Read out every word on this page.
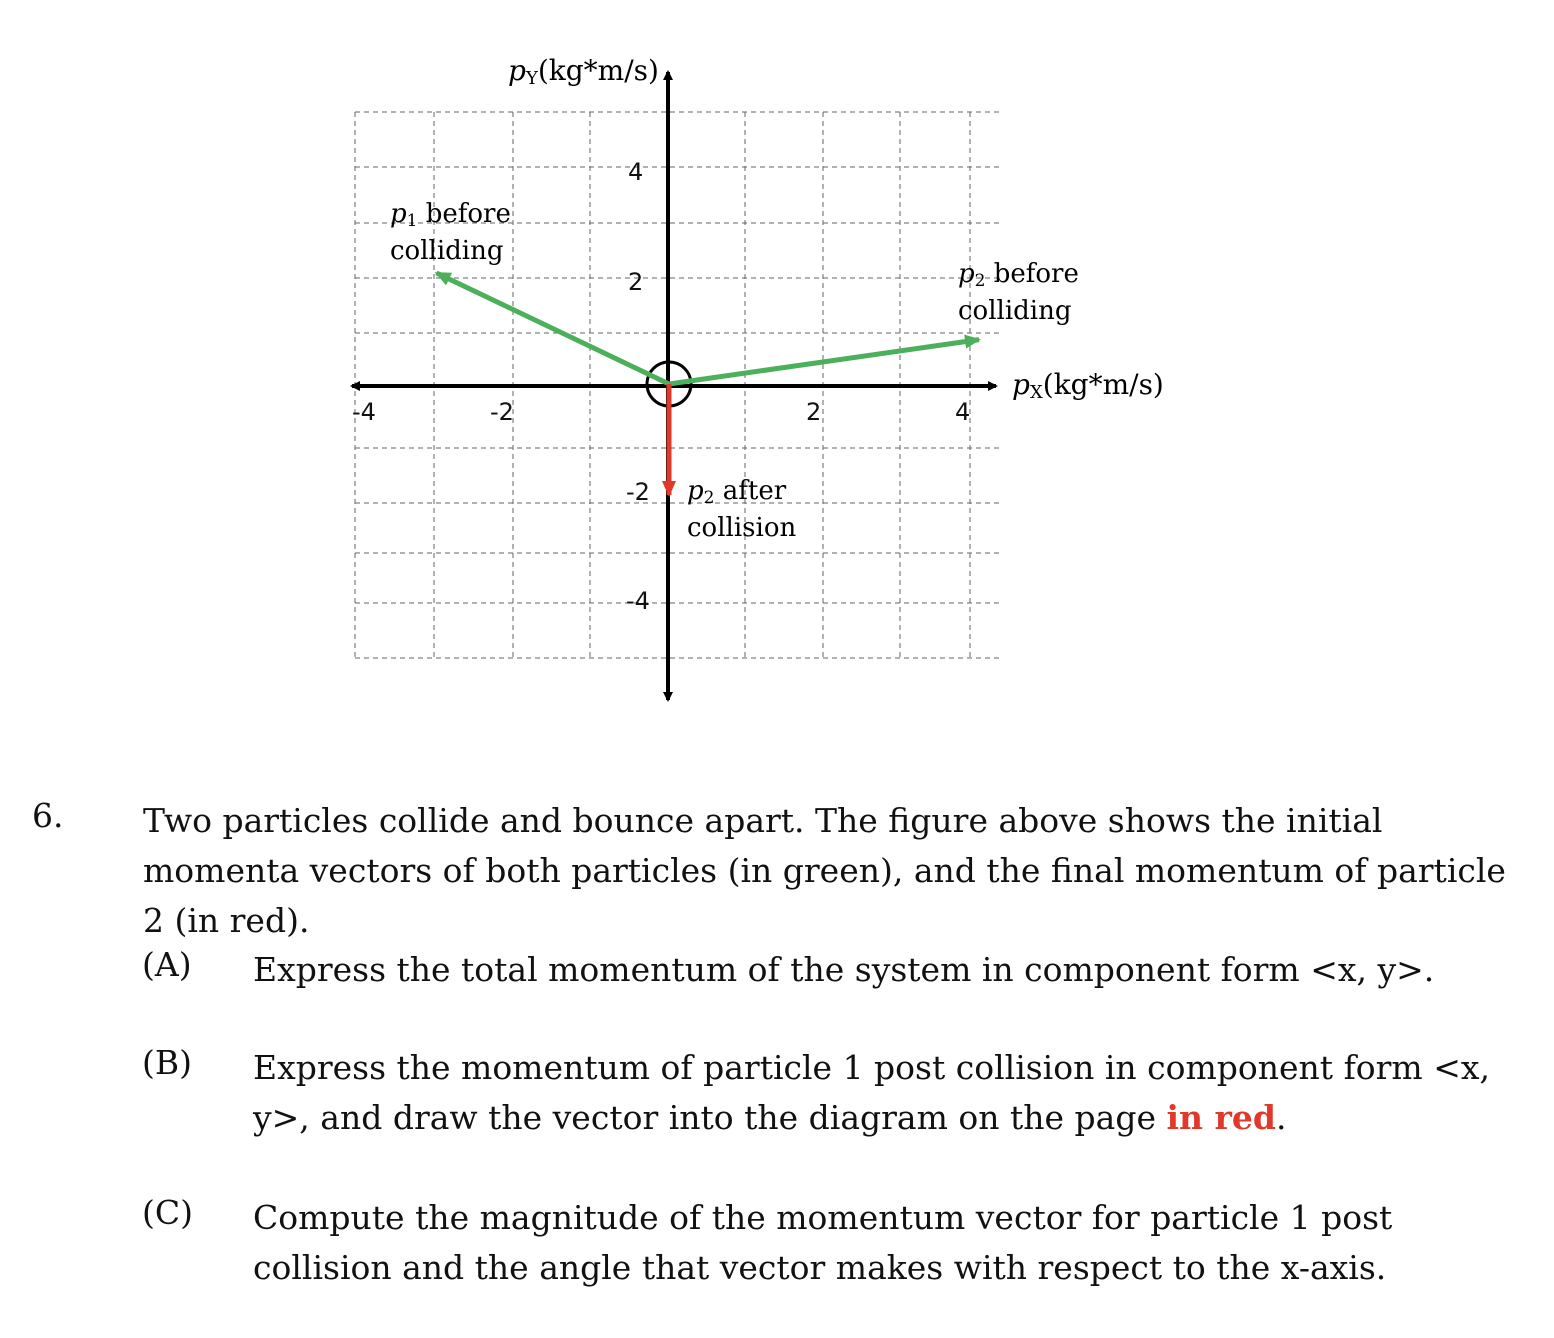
pY(kg*m/s)
pX(kg*m/s)
-4	-2	2	4
4
2
-2
-4
p1 before colliding
p2 before colliding
p2 after collision
6. Two particles collide and bounce apart. The figure above shows the initial momenta vectors of both particles (in green), and the final momentum of particle 2 (in red).
(A) Express the total momentum of the system in component form <x, y>.
(B) Express the momentum of particle 1 post collision in component form <x, y>, and draw the vector into the diagram on the page in red.
(C) Compute the magnitude of the momentum vector for particle 1 post collision and the angle that vector makes with respect to the x-axis.
